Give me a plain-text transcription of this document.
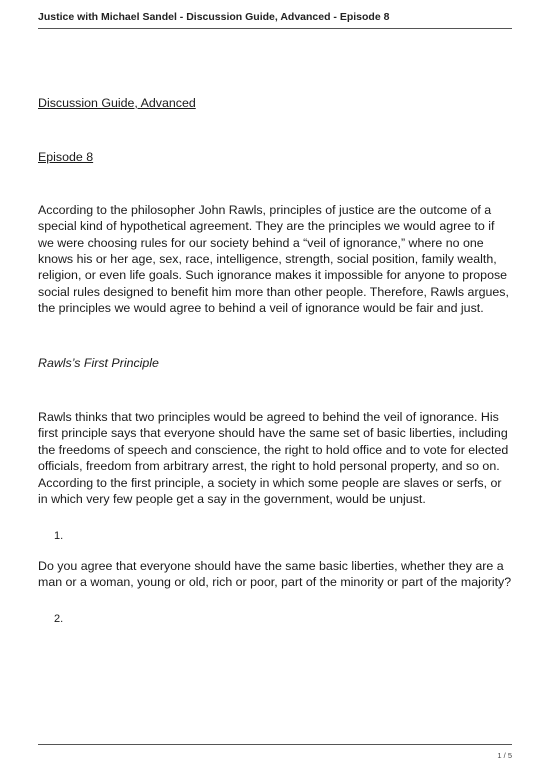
Justice with Michael Sandel - Discussion Guide, Advanced - Episode 8
Discussion Guide, Advanced
Episode 8

According to the philosopher John Rawls, principles of justice are the outcome of a special kind of hypothetical agreement. They are the principles we would agree to if we were choosing rules for our society behind a “veil of ignorance,” where no one knows his or her age, sex, race, intelligence, strength, social position, family wealth, religion, or even life goals. Such ignorance makes it impossible for anyone to propose social rules designed to benefit him more than other people. Therefore, Rawls argues, the principles we would agree to behind a veil of ignorance would be fair and just.

Rawls’s First Principle

Rawls thinks that two principles would be agreed to behind the veil of ignorance. His first principle says that everyone should have the same set of basic liberties, including the freedoms of speech and conscience, the right to hold office and to vote for elected officials, freedom from arbitrary arrest, the right to hold personal property, and so on. According to the first principle, a society in which some people are slaves or serfs, or in which very few people get a say in the government, would be unjust.

1.

Do you agree that everyone should have the same basic liberties, whether they are a man or a woman, young or old, rich or poor, part of the minority or part of the majority?

2.
1 / 5
